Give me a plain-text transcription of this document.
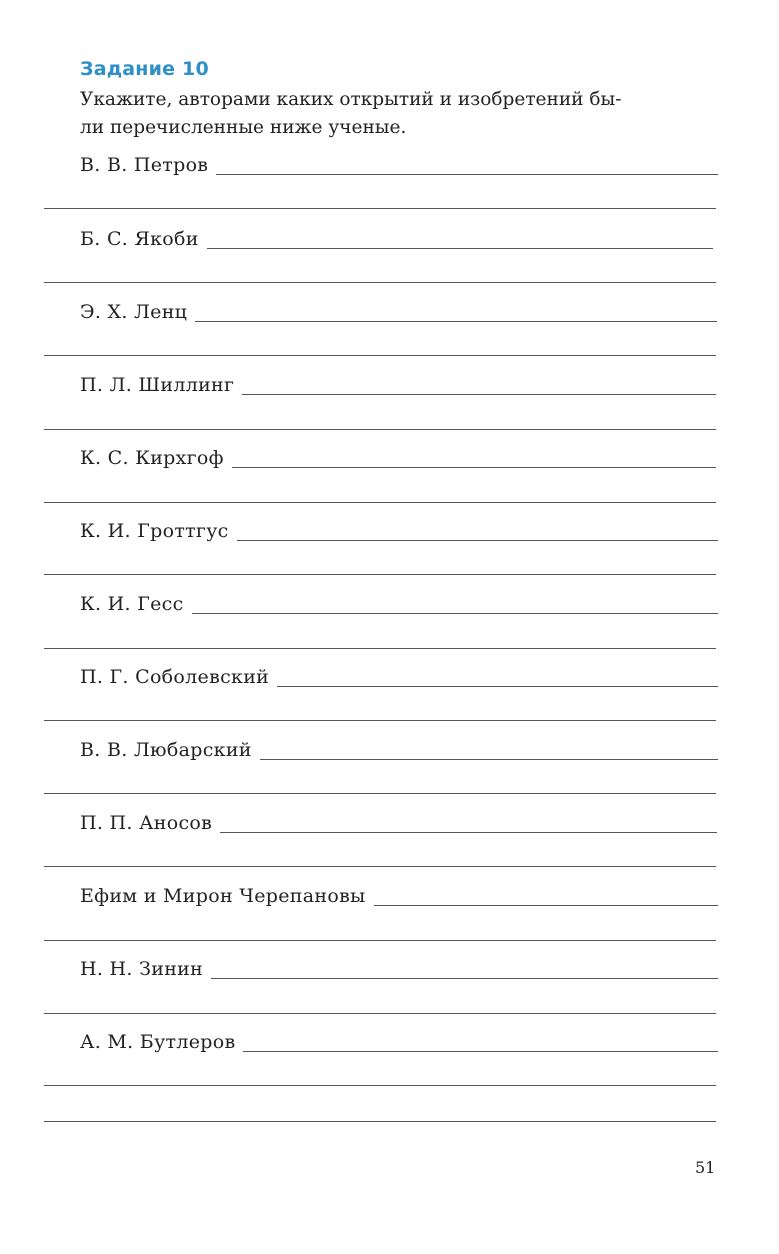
Задание 10
Укажите, авторами каких открытий и изобретений бы-
ли перечисленные ниже ученые.
В. В. Петров
Б. С. Якоби
Э. Х. Ленц
П. Л. Шиллинг
К. С. Кирхгоф
К. И. Гроттгус
К. И. Гесс
П. Г. Соболевский
В. В. Любарский
П. П. Аносов
Ефим и Мирон Черепановы
Н. Н. Зинин
А. М. Бутлеров

51
